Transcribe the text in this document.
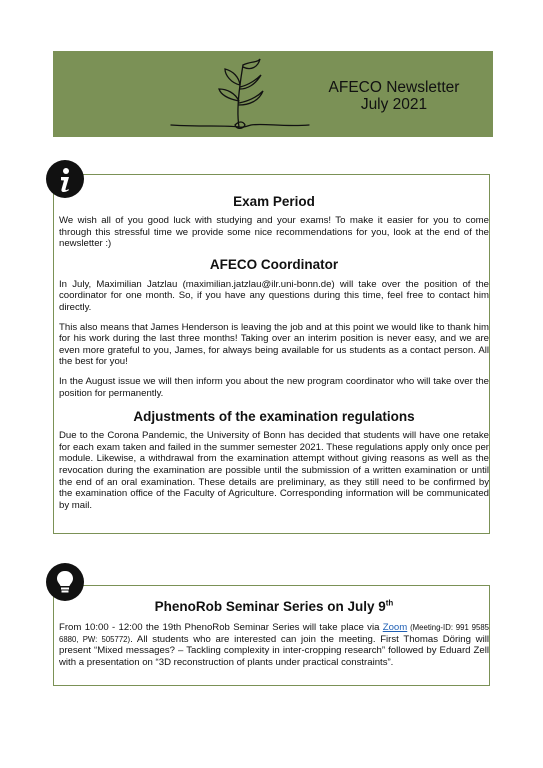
AFECO Newsletter
July 2021
Exam Period

We wish all of you good luck with studying and your exams! To make it easier for you to come through this stressful time we provide some nice recommendations for you, look at the end of the newsletter :)

AFECO Coordinator

In July, Maximilian Jatzlau (maximilian.jatzlau@ilr.uni-bonn.de) will take over the position of the coordinator for one month. So, if you have any questions during this time, feel free to contact him directly.

This also means that James Henderson is leaving the job and at this point we would like to thank him for his work during the last three months! Taking over an interim position is never easy, and we are even more grateful to you, James, for always being available for us students as a contact person. All the best for you!

In the August issue we will then inform you about the new program coordinator who will take over the position for permanently.

Adjustments of the examination regulations

Due to the Corona Pandemic, the University of Bonn has decided that students will have one retake for each exam taken and failed in the summer semester 2021. These regulations apply only once per module. Likewise, a withdrawal from the examination attempt without giving reasons as well as the revocation during the examination are possible until the submission of a written examination or until the end of an oral examination. These details are preliminary, as they still need to be confirmed by the examination office of the Faculty of Agriculture. Corresponding information will be communicated by mail.

PhenoRob Seminar Series on July 9th

From 10:00 - 12:00 the 19th PhenoRob Seminar Series will take place via Zoom (Meeting-ID: 991 9585 6880, PW: 505772). All students who are interested can join the meeting. First Thomas Döring will present “Mixed messages? – Tackling complexity in inter-cropping research” followed by Eduard Zell with a presentation on “3D reconstruction of plants under practical constraints”.
